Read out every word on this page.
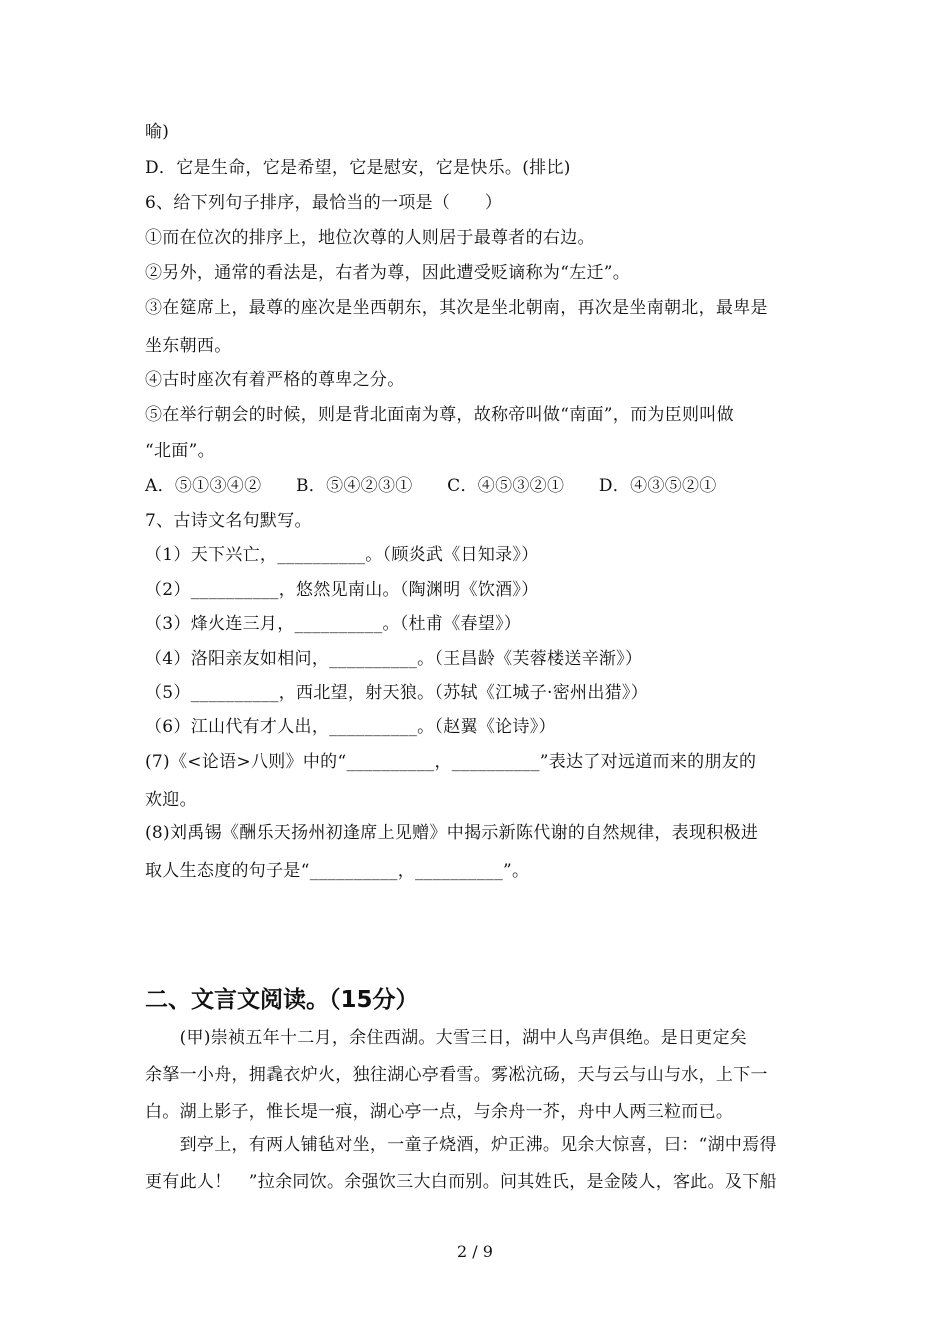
喻)
D．它是生命，它是希望，它是慰安，它是快乐。(排比)
6、给下列句子排序，最恰当的一项是（　　）
①而在位次的排序上，地位次尊的人则居于最尊者的右边。
②另外，通常的看法是，右者为尊，因此遭受贬谪称为“左迁”。
③在筵席上，最尊的座次是坐西朝东，其次是坐北朝南，再次是坐南朝北，最卑是
坐东朝西。
④古时座次有着严格的尊卑之分。
⑤在举行朝会的时候，则是背北面南为尊，故称帝叫做“南面”，而为臣则叫做
“北面”。
A．⑤①③④②　　B．⑤④②③①　　C．④⑤③②①　　D．④③⑤②①
7、古诗文名句默写。
（1）天下兴亡，__________。（顾炎武《日知录》）
（2）__________，悠然见南山。（陶渊明《饮酒》）
（3）烽火连三月，__________。（杜甫《春望》）
（4）洛阳亲友如相问，__________。（王昌龄《芙蓉楼送辛渐》）
（5）__________，西北望，射天狼。（苏轼《江城子·密州出猎》）
（6）江山代有才人出，__________。（赵翼《论诗》）
(7)《<论语>八则》中的“__________，__________”表达了对远道而来的朋友的
欢迎。
(8)刘禹锡《酬乐天扬州初逢席上见赠》中揭示新陈代谢的自然规律，表现积极进
取人生态度的句子是“__________，__________”。
二、文言文阅读。（15分）
　　(甲)崇祯五年十二月，余住西湖。大雪三日，湖中人鸟声俱绝。是日更定矣
余拏一小舟，拥毳衣炉火，独往湖心亭看雪。雾凇沆砀，天与云与山与水，上下一
白。湖上影子，惟长堤一痕，湖心亭一点，与余舟一芥，舟中人两三粒而已。
　　到亭上，有两人铺毡对坐，一童子烧酒，炉正沸。见余大惊喜，曰：“湖中焉得
更有此人！　”拉余同饮。余强饮三大白而别。问其姓氏，是金陵人，客此。及下船
2 / 9
